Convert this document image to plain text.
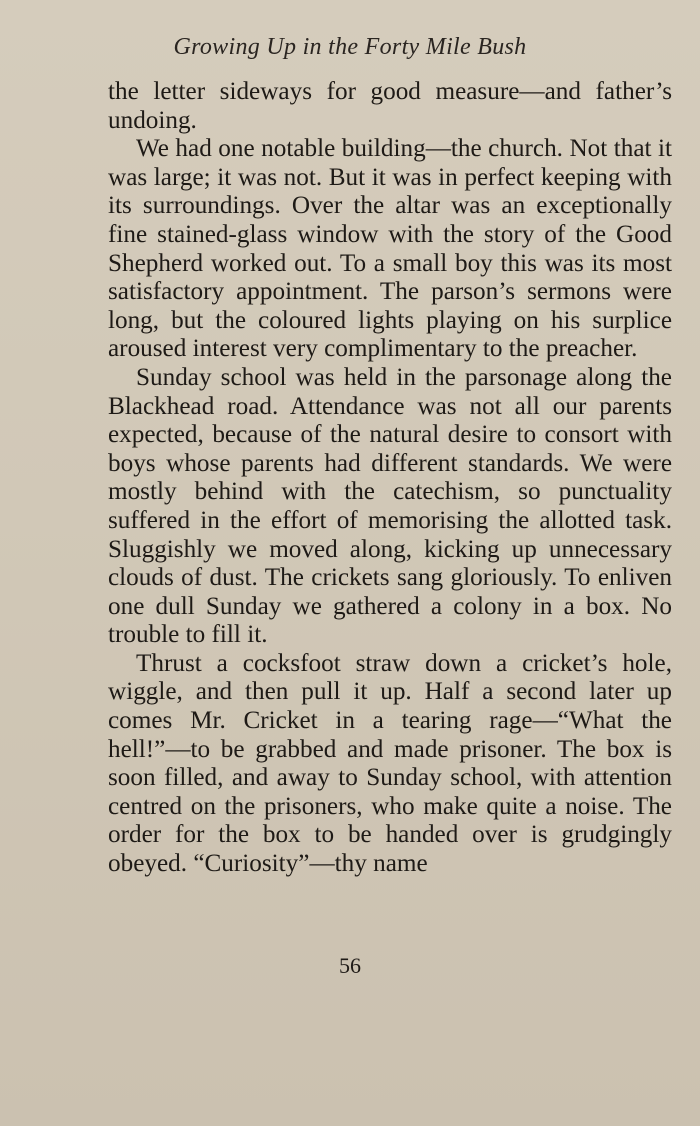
Growing Up in the Forty Mile Bush

the letter sideways for good measure—and father’s undoing.

We had one notable building—the church. Not that it was large; it was not. But it was in perfect keeping with its surroundings. Over the altar was an exceptionally fine stained-glass window with the story of the Good Shepherd worked out. To a small boy this was its most satisfactory appointment. The parson’s sermons were long, but the coloured lights playing on his surplice aroused interest very complimentary to the preacher.

Sunday school was held in the parsonage along the Blackhead road. Attendance was not all our parents expected, because of the natural desire to consort with boys whose parents had different standards. We were mostly behind with the catechism, so punctuality suffered in the effort of memorising the allotted task. Sluggishly we moved along, kicking up unnecessary clouds of dust. The crickets sang gloriously. To enliven one dull Sunday we gathered a colony in a box. No trouble to fill it.

Thrust a cocksfoot straw down a cricket’s hole, wiggle, and then pull it up. Half a second later up comes Mr. Cricket in a tearing rage—“What the hell!”—to be grabbed and made prisoner. The box is soon filled, and away to Sunday school, with attention centred on the prisoners, who make quite a noise. The order for the box to be handed over is grudgingly obeyed. “Curiosity”—thy name

56
